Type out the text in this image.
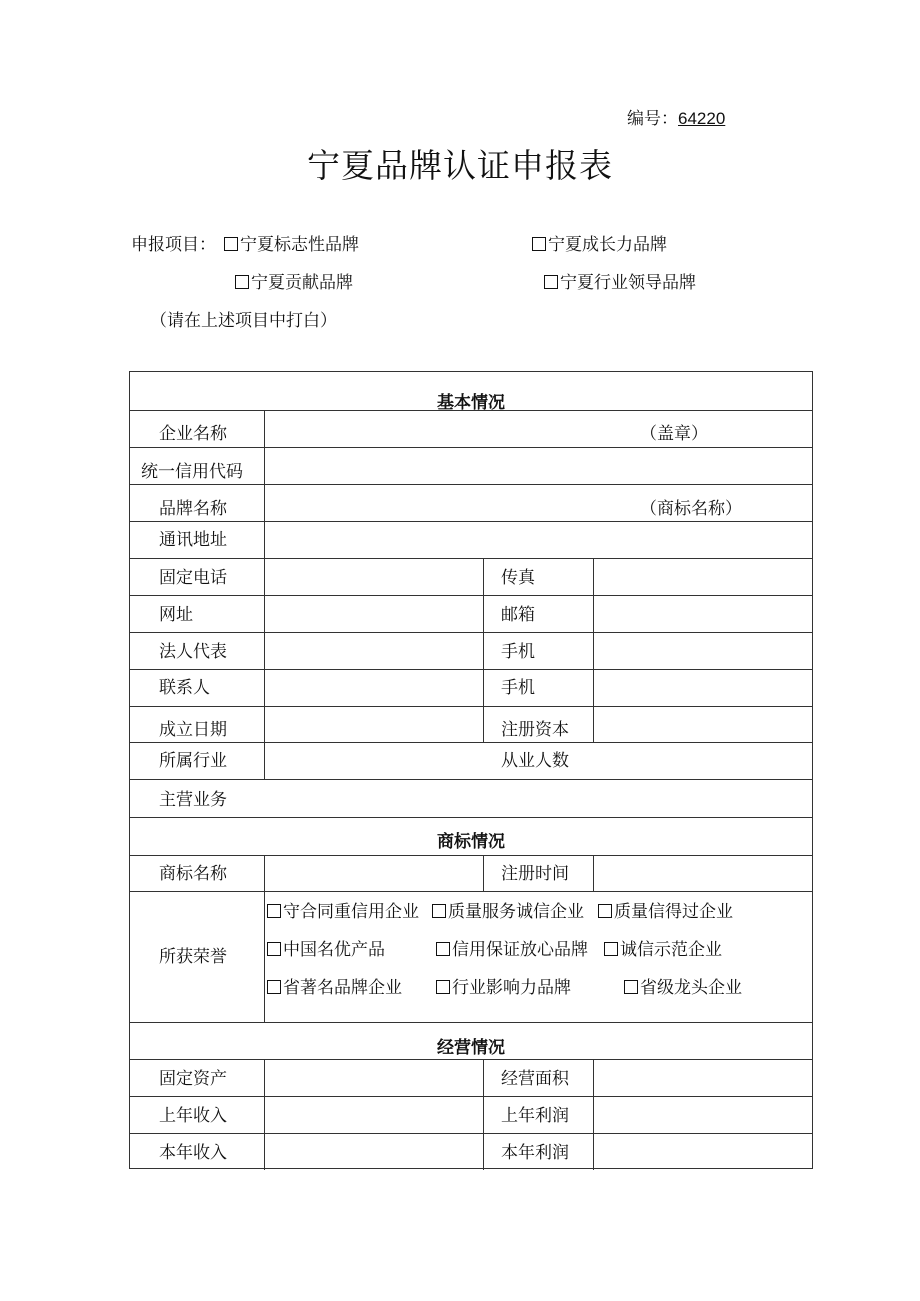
编号：64220
宁夏品牌认证申报表
申报项目：	宁夏标志性品牌	宁夏成长力品牌
宁夏贡献品牌	宁夏行业领导品牌
（请在上述项目中打白）
基本情况
企业名称	（盖章）
统一信用代码
品牌名称	（商标名称）
通讯地址
固定电话	传真
网址	邮箱
法人代表	手机
联系人	手机
成立日期	注册资本
所属行业	从业人数
主营业务
商标情况
商标名称	注册时间
所获荣誉
守合同重信用企业	质量服务诚信企业	质量信得过企业
中国名优产品	信用保证放心品牌	诚信示范企业
省著名品牌企业	行业影响力品牌	省级龙头企业
经营情况
固定资产	经营面积
上年收入	上年利润
本年收入	本年利润
